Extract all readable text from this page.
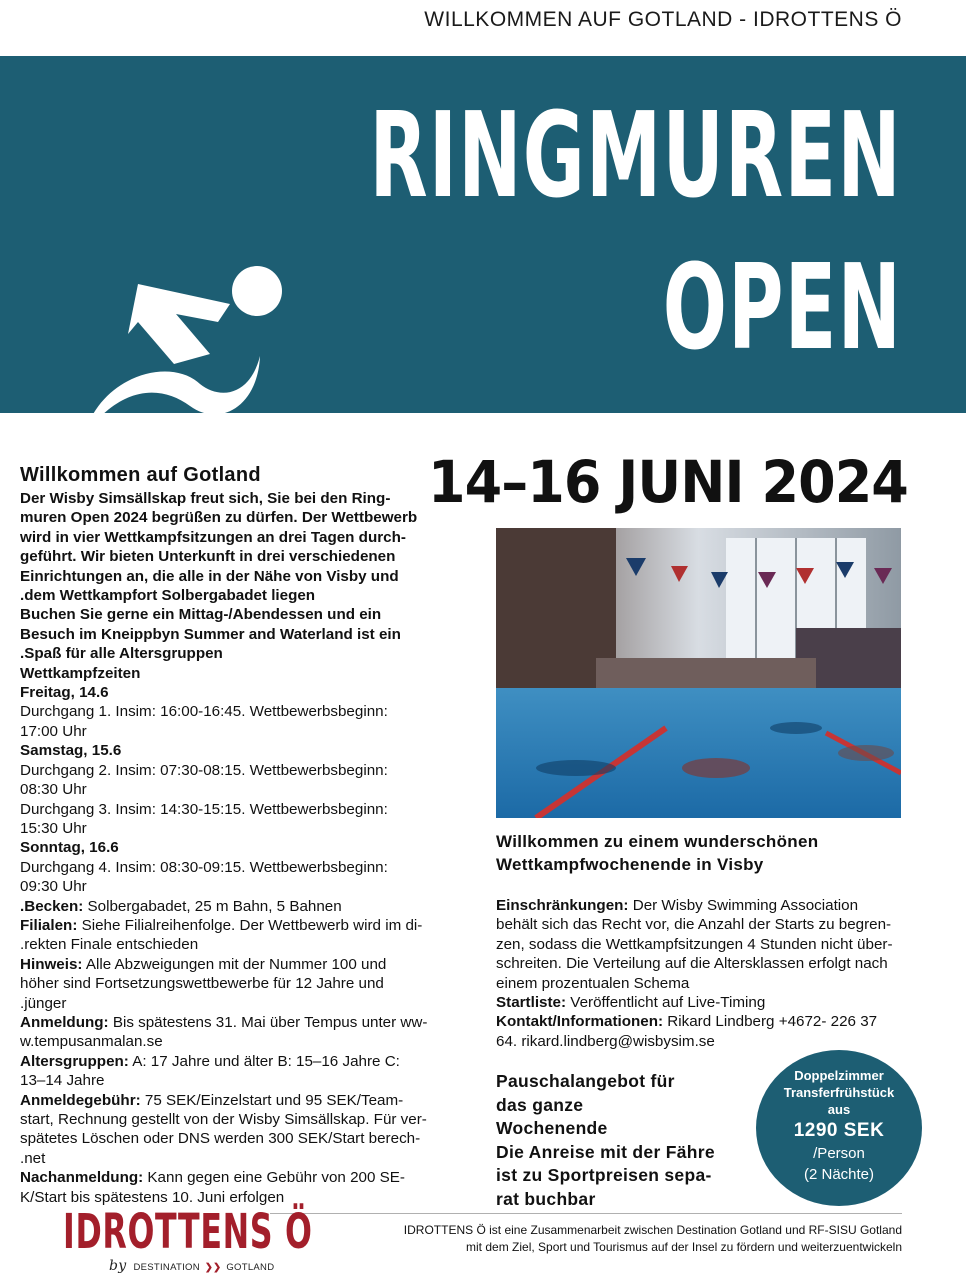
WILLKOMMEN AUF GOTLAND - IDROTTENS Ö
RINGMUREN
OPEN
14–16 JUNI 2024
Willkommen auf Gotland

Der Wisby Simsällskap freut sich, Sie bei den Ring-

muren Open 2024 begrüßen zu dürfen. Der Wettbewerb

wird in vier Wettkampfsitzungen an drei Tagen durch-

geführt. Wir bieten Unterkunft in drei verschiedenen

Einrichtungen an, die alle in der Nähe von Visby und

.dem Wettkampfort Solbergabadet liegen

Buchen Sie gerne ein Mittag-/Abendessen und ein

Besuch im Kneippbyn Summer and Waterland ist ein

.Spaß für alle Altersgruppen

Wettkampfzeiten

Freitag, 14.6

Durchgang 1. Insim: 16:00-16:45. Wettbewerbsbeginn:

17:00 Uhr

Samstag, 15.6

Durchgang 2. Insim: 07:30-08:15. Wettbewerbsbeginn:

08:30 Uhr

Durchgang 3. Insim: 14:30-15:15. Wettbewerbsbeginn:

15:30 Uhr

Sonntag, 16.6

Durchgang 4. Insim: 08:30-09:15. Wettbewerbsbeginn:

09:30 Uhr

.Becken: Solbergabadet, 25 m Bahn, 5 Bahnen

Filialen: Siehe Filialreihenfolge. Der Wettbewerb wird im di-

.rekten Finale entschieden

Hinweis: Alle Abzweigungen mit der Nummer 100 und

höher sind Fortsetzungswettbewerbe für 12 Jahre und

.jünger

Anmeldung: Bis spätestens 31. Mai über Tempus unter ww-

w.tempusanmalan.se

Altersgruppen: A: 17 Jahre und älter B: 15–16 Jahre C:

13–14 Jahre

Anmeldegebühr: 75 SEK/Einzelstart und 95 SEK/Team-

start, Rechnung gestellt von der Wisby Simsällskap. Für ver-

spätetes Löschen oder DNS werden 300 SEK/Start berech-

.net

Nachanmeldung: Kann gegen eine Gebühr von 200 SE-

K/Start bis spätestens 10. Juni erfolgen

Willkommen zu einem wunderschönen
Wettkampfwochenende in Visby

Einschränkungen: Der Wisby Swimming Association

behält sich das Recht vor, die Anzahl der Starts zu begren-

zen, sodass die Wettkampfsitzungen 4 Stunden nicht über-

schreiten. Die Verteilung auf die Altersklassen erfolgt nach

einem prozentualen Schema

Startliste: Veröffentlicht auf Live-Timing

Kontakt/Informationen: Rikard Lindberg +4672- 226 37

64. rikard.lindberg@wisbysim.se

Pauschalangebot für
das ganze
Wochenende
Die Anreise mit der Fähre
ist zu Sportpreisen sepa-
rat buchbar
Doppelzimmer
Transferfrühstück
aus
1290 SEK
/Person
(2 Nächte)
IDROTTENS Ö ist eine Zusammenarbeit zwischen Destination Gotland und RF-SISU Gotland
mit dem Ziel, Sport und Tourismus auf der Insel zu fördern und weiterzuentwickeln
IDROTTENS Ö
by DESTINATION ❯❯ GOTLAND
